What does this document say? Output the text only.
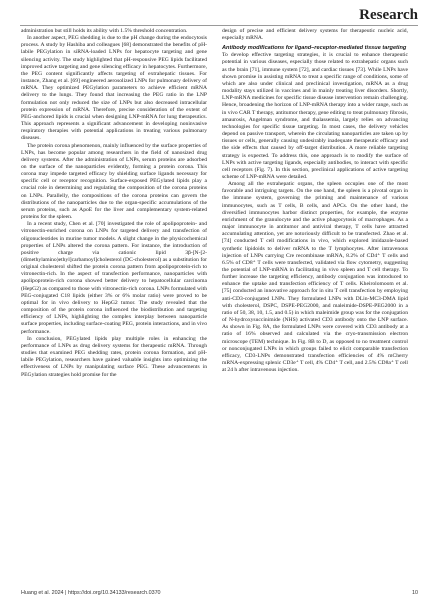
Research

administration but still holds its ability with 1.5% threshold concentration.

In another aspect, PEG shedding is due to the pH change during the endocytosis process. A study by Hashiba and colleagues [68] demonstrated the benefits of pH-labile PEGylation in siRNA-loaded LNPs for hepatocyte targeting and gene silencing activity. The study highlighted that pH-responsive PEG lipids facilitated improved active targeting and gene silencing efficacy in hepatocytes. Furthermore, the PEG content significantly affects targeting of extrahepatic tissues. For instance, Zhang et al. [69] engineered aerosolized LNPs for pulmonary delivery of mRNA. They optimized PEGylation parameters to achieve efficient mRNA delivery to the lungs. They found that increasing the PEG ratio in the LNP formulation not only reduced the size of LNPs but also decreased intracellular protein expression of mRNA. Therefore, precise consideration of the extent of PEG-anchored lipids is crucial when designing LNP-mRNA for lung therapeutics. This approach represents a significant advancement in developing noninvasive respiratory therapies with potential applications in treating various pulmonary diseases.

The protein corona phenomenon, mainly influenced by the surface properties of LNPs, has become popular among researchers in the field of nanosized drug delivery systems. After the administration of LNPs, serum proteins are adsorbed on the surface of the nanoparticles evidently, forming a protein corona. This corona may impede targeted efficacy by shielding surface ligands necessary for specific cell or receptor recognition. Surface-exposed PEGylated lipids play a crucial role in determining and regulating the composition of the corona proteins on LNPs. Parallelly, the compositions of the corona proteins can govern the distributions of the nanoparticles due to the organ-specific accumulations of the serum proteins, such as ApoE for the liver and complementary system-related proteins for the spleen.

In a recent study, Chen et al. [70] investigated the role of apolipoprotein- and vitronectin-enriched corona on LNPs for targeted delivery and transfection of oligonucleotides in murine tumor models. A slight change in the physicochemical properties of LNPs altered the corona pattern. For instance, the introduction of positive charge via cationic lipid 3β-[N-[2-(dimethylamino)ethyl]carbamoyl]cholesterol (DC-cholesterol) as a substitution for original cholesterol shifted the protein corona pattern from apolipoprotein-rich to vitronectin-rich. In the aspect of transfection performance, nanoparticles with apolipoprotein-rich corona showed better delivery to hepatocellular carcinoma (HepG2) as compared to those with vitronectin-rich corona. LNPs formulated with PEG-conjugated C18 lipids (either 3% or 6% molar ratio) were proved to be optimal for in vivo delivery to HepG2 tumor. The study revealed that the composition of the protein corona influenced the biodistribution and targeting efficiency of LNPs, highlighting the complex interplay between nanoparticle surface properties, including surface-coating PEG, protein interactions, and in vivo performance.

In conclusion, PEGylated lipids play multiple roles in enhancing the performance of LNPs as drug delivery systems for therapeutic mRNA. Through studies that examined PEG shedding rates, protein corona formation, and pH-labile PEGylation, researchers have gained valuable insights into optimizing the effectiveness of LNPs by manipulating surface PEG. These advancements in PEGylation strategies hold promise for the

design of precise and efficient delivery systems for therapeutic nucleic acid, especially mRNA.

Antibody modifications for ligand–receptor-mediated tissue targeting

To develop effective targeting strategies, it is crucial to enhance therapeutic potential in various diseases, especially those related to extrahepatic organs such as the brain [71], immune system [72], and cardiac tissues [73]. While LNPs have shown promise in assisting mRNA to treat a specific range of conditions, some of which are also under clinical and preclinical investigation, mRNA as a drug modality stays utilized in vaccines and in mainly treating liver disorders. Shortly, LNP-mRNA medicines for specific tissue disease intervention remain challenging. Hence, broadening the horizon of LNP-mRNA therapy into a wider range, such as in vivo CAR T therapy, antitumor therapy, gene editing to treat pulmonary fibrosis, amaurosis, Angelman syndrome, and thalassemia, largely relies on advancing technologies for specific tissue targeting. In most cases, the delivery vehicles depend on passive transport, wherein the circulating nanoparticles are taken up by tissues or cells, generally causing undesirably inadequate therapeutic efficacy and the side effects that caused by off-target distribution. A more reliable targeting strategy is expected. To address this, one approach is to modify the surface of LNPs with active targeting ligands, especially antibodies, to interact with specific cell receptors (Fig. 7). In this section, preclinical applications of active targeting scheme of LNP-mRNA were detailed.

Among all the extrahepatic organs, the spleen occupies one of the most favorable and intriguing targets. On the one hand, the spleen is a pivotal organ in the immune system, governing the priming and maintenance of various immunocytes, such as T cells, B cells, and APCs. On the other hand, the diversified immunocytes harbor distinct properties, for example, the enzyme enrichment of the granulocyte and the active phagocytosis of macrophages. As a major immunocyte in antitumor and antiviral therapy, T cells have attracted accumulating attention, yet are notoriously difficult to be transfected. Zhao et al. [74] conducted T cell modifications in vivo, which explored imidazole-based synthetic lipidoids to deliver mRNA to the T lymphocytes. After intravenous injection of LNPs carrying Cre recombinase mRNA, 8.2% of CD4⁺ T cells and 6.5% of CD8⁺ T cells were transfected, validated via flow cytometry, suggesting the potential of LNP-mRNA in facilitating in vivo spleen and T cell therapy. To further increase the targeting efficiency, antibody conjugation was introduced to enhance the uptake and transfection efficiency of T cells. Kheirolomoom et al. [75] conducted an innovative approach for in situ T cell transfection by employing anti-CD3-conjugated LNPs. They formulated LNPs with DLin-MC3-DMA lipid with cholesterol, DSPC, DSPE-PEG2000, and maleimide-DSPE-PEG2000 in a ratio of 50, 38, 10, 1.5, and 0.5) in which maleimide group was for the conjugation of N-hydroxysuccinimide (NHS) activated CD3 antibody onto the LNP surface. As shown in Fig. 8A, the formulated LNPs were covered with CD3 antibody at a ratio of 16% observed and calculated via the cryo-transmission electron microscope (TEM) technique. In Fig. 8B to D, as opposed to no treatment control or nonconjugated LNPs in which groups failed to elicit comparable transfection efficacy, CD3-LNPs demonstrated transfection efficiencies of 4% mCherry mRNA-expressing splenic CD3e⁺ T cell, 4% CD4⁺ T cell, and 2.5% CD8a⁺ T cell at 24 h after intravenous injection.

Huang et al. 2024 | https://doi.org/10.34133/research.0370	10
